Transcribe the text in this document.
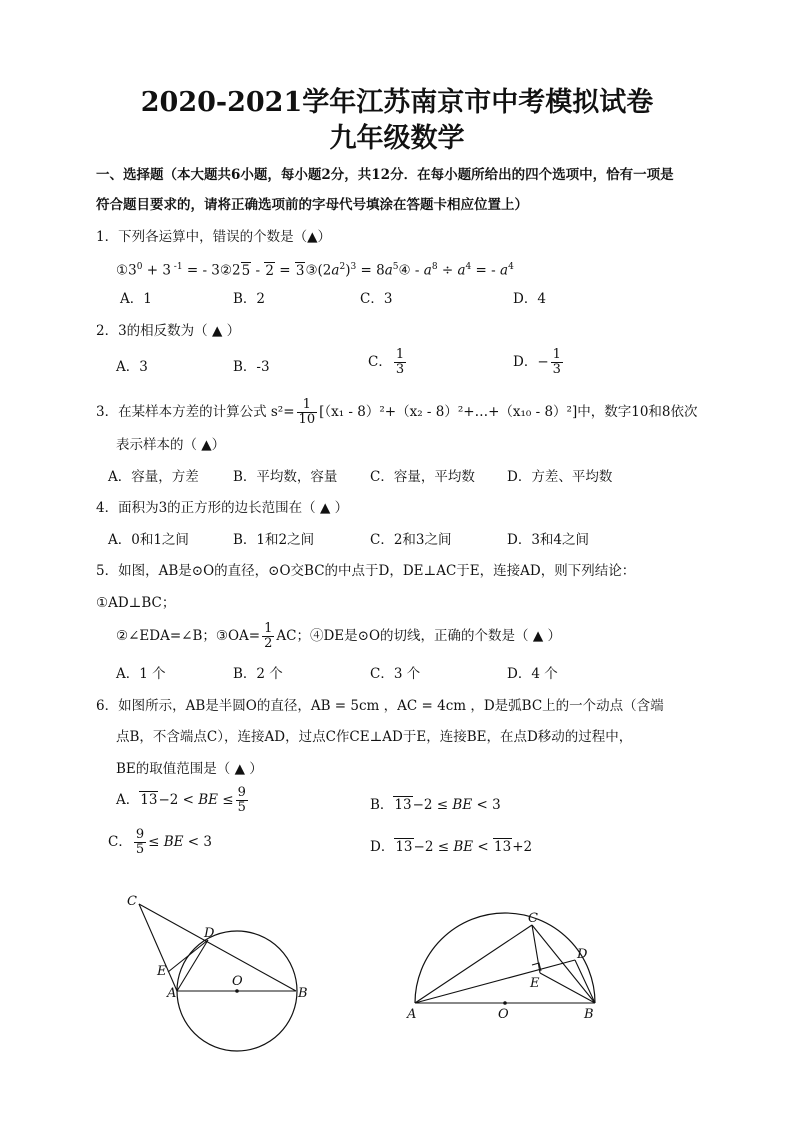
2020-2021学年江苏南京市中考模拟试卷
九年级数学
一、选择题（本大题共6小题，每小题2分，共12分．在每小题所给出的四个选项中，恰有一项是
符合题目要求的，请将正确选项前的字母代号填涂在答题卡相应位置上）
1．下列各运算中，错误的个数是（▲）
$①3^0 + 3$ $^{-1}$ = - 3②25 - $2 = 3③(2a^2)^3$ = $8a^5④ - a^8 \div a^4$ = - $a^4$
A．1	B．2	C．3	D．4
2．3的相反数为（ ▲ ）
A．3	B．-3	C． $\frac{1}{3}$	D．− $\frac{1}{3}$
3．在某样本方差的计算公式 $s^2= \frac{1}{10} [(x_1 - 8)^2+(x_2$ - 8）²+…+（x₁₀ - 8）²]中，数字10和8依次
表示样本的（ ▲）
A．容量，方差	B．平均数，容量 C．容量，平均数 D．方差、平均数
4．面积为3的正方形的边长范围在（ ▲ ）
A．0和1之间	B．1和2之间	C．2和3之间	D．3和4之间
5．如图，AB是⊙O的直径，⊙O交BC的中点于D，DE⊥AC于E，连接AD，则下列结论：
①AD⊥BC；
②∠EDA=∠B；③OA= $\frac{1}{2}$ AC；④DE是⊙O的切线，正确的个数是（ ▲ ）
A．1 个	B．2 个	C．3 个	D．4 个
6．如图所示，AB是半圆O的直径，AB = 5cm ，AC = 4cm ，D是弧BC上的一个动点（含端
点B，不含端点C），连接AD，过点C作CE⊥AD于E，连接BE，在点D移动的过程中，
BE的取值范围是（ ▲ ）
A．13−2 < BE ≤ $\frac{9}{5}$	B．13−2 ≤ BE < 3
C． $\frac{9}{5}$ ≤ BE < 3	D．13−2 ≤ BE < 13+2
C
D
E
O
A	B
C
D
E
A	O	B
